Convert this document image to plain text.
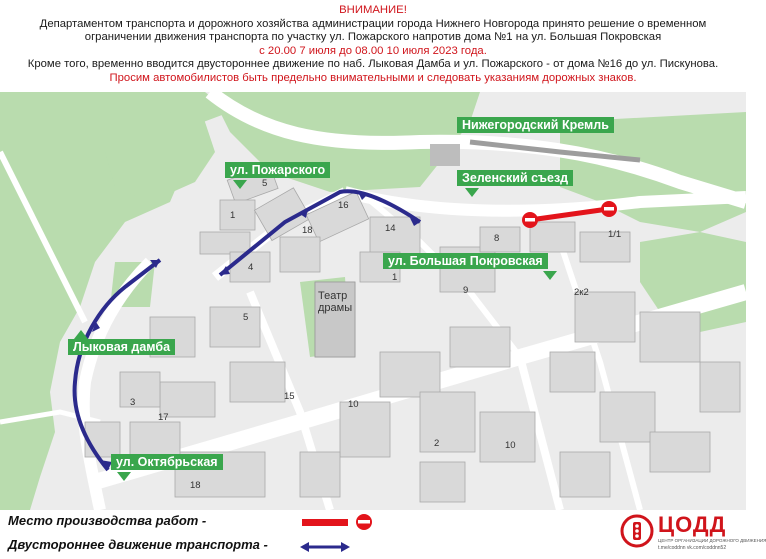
ВНИМАНИЕ!
Департаментом транспорта и дорожного хозяйства администрации города Нижнего Новгорода принято решение о временном
ограничении движения транспорта по участку ул. Пожарского напротив дома №1 на ул. Большая Покровская
с 20.00 7 июля до 08.00 10 июля 2023 года.
Кроме того, временно вводится двустороннее движение по наб. Лыковая Дамба и ул. Пожарского - от дома №16 до ул. Пискунова.
Просим автомобилистов быть предельно внимательными и следовать указаниям дорожных знаков.
Театр драмы
5
1
16
18	14
4
8	1/1
1
9	2к2
5
15
10
17
18
3
2	10
Нижегородский Кремль
Зеленский съезд
ул. Пожарского
ул. Большая Покровская
Лыковая дамба
ул. Октябрьская
Место производства работ -
Двустороннее движение транспорта -
ЦОДД
ЦЕНТР ОРГАНИЗАЦИИ ДОРОЖНОГО ДВИЖЕНИЯ
t.me/coddnn vk.com/coddnn52
